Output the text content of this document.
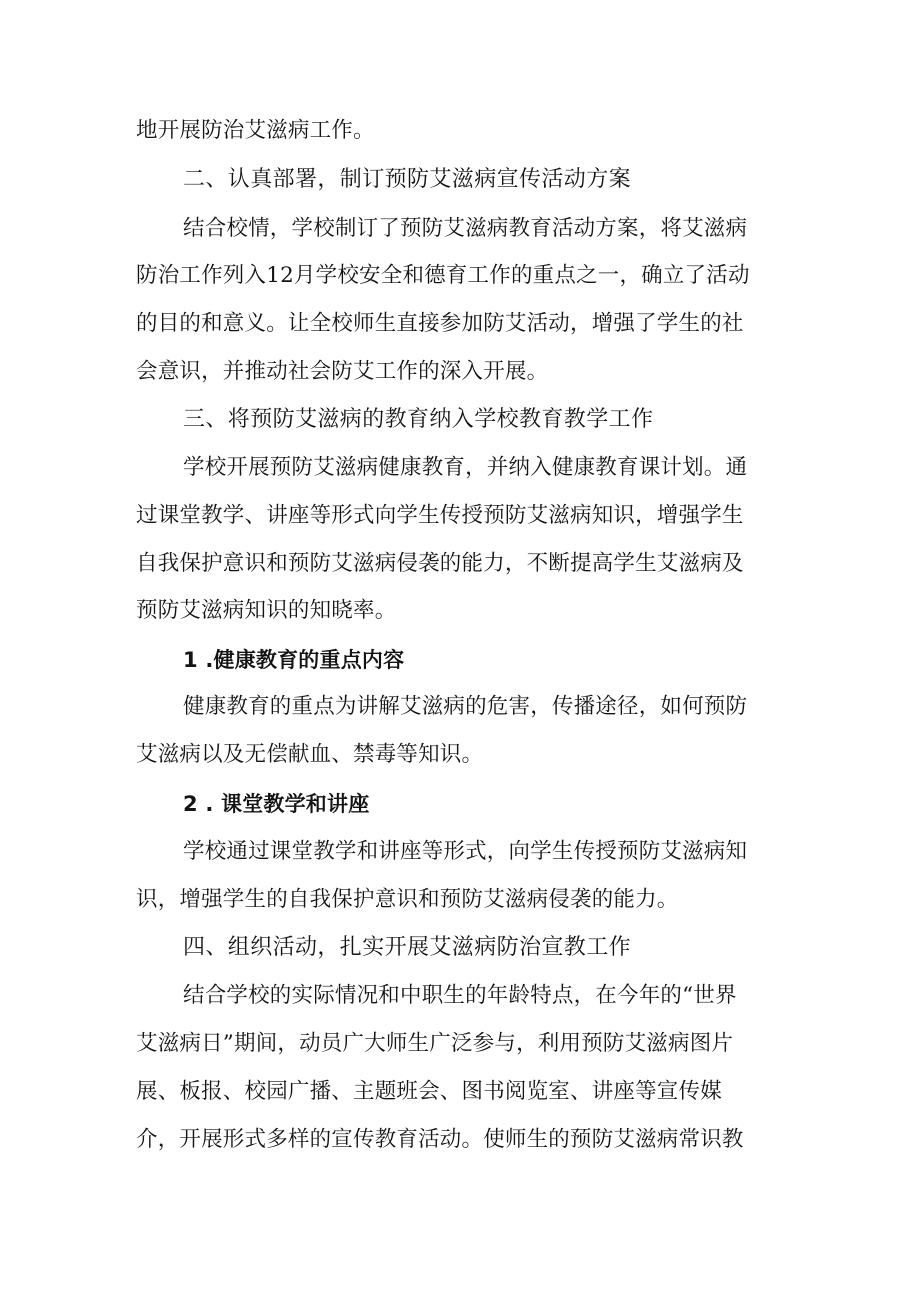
地开展防治艾滋病工作。

二、认真部署，制订预防艾滋病宣传活动方案

结合校情，学校制订了预防艾滋病教育活动方案，将艾滋病

防治工作列入12月学校安全和德育工作的重点之一，确立了活动

的目的和意义。让全校师生直接参加防艾活动，增强了学生的社

会意识，并推动社会防艾工作的深入开展。

三、将预防艾滋病的教育纳入学校教育教学工作

学校开展预防艾滋病健康教育，并纳入健康教育课计划。通

过课堂教学、讲座等形式向学生传授预防艾滋病知识，增强学生

自我保护意识和预防艾滋病侵袭的能力，不断提高学生艾滋病及

预防艾滋病知识的知晓率。

1 .健康教育的重点内容

健康教育的重点为讲解艾滋病的危害，传播途径，如何预防

艾滋病以及无偿献血、禁毒等知识。

2 . 课堂教学和讲座

学校通过课堂教学和讲座等形式，向学生传授预防艾滋病知

识，增强学生的自我保护意识和预防艾滋病侵袭的能力。

四、组织活动，扎实开展艾滋病防治宣教工作

结合学校的实际情况和中职生的年龄特点，在今年的“世界

艾滋病日”期间，动员广大师生广泛参与，利用预防艾滋病图片

展、板报、校园广播、主题班会、图书阅览室、讲座等宣传媒

介，开展形式多样的宣传教育活动。使师生的预防艾滋病常识教
